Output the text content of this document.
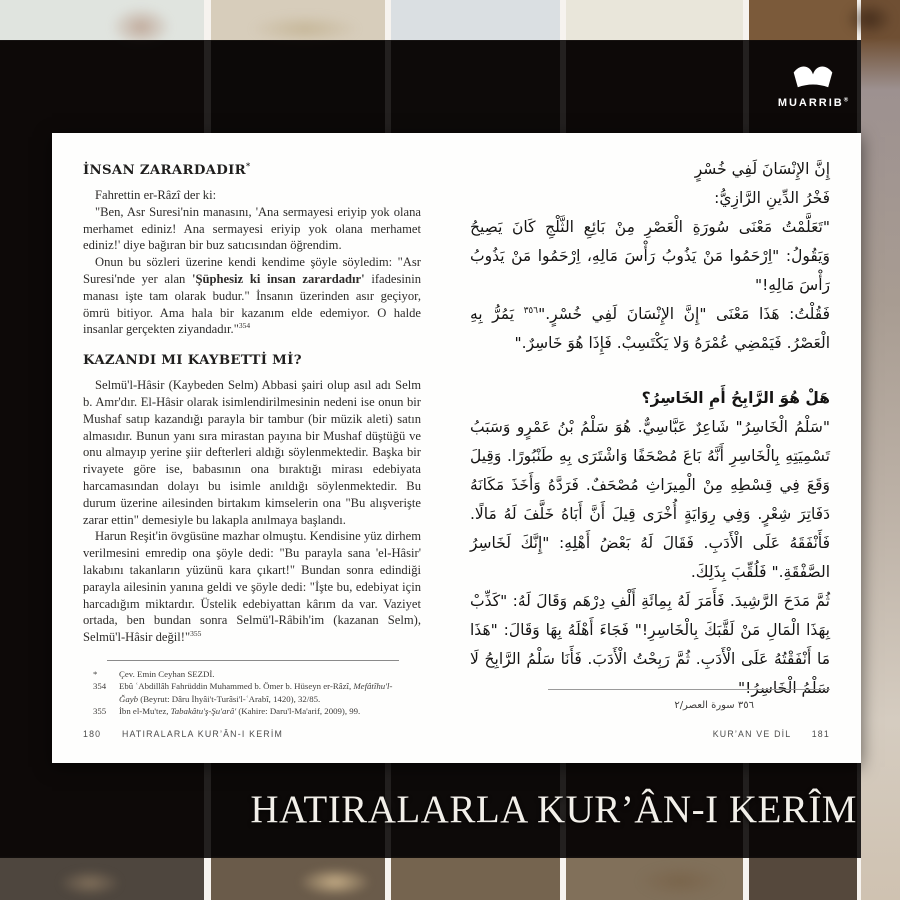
MUARRIB®
İNSAN ZARARDADIR*

Fahrettin er-Râzî der ki:

"Ben, Asr Suresi'nin manasını, 'Ana sermayesi eriyip yok olana merhamet ediniz! Ana sermayesi eriyip yok olana merhamet ediniz!' diye bağıran bir buz satıcısından öğrendim.

Onun bu sözleri üzerine kendi kendime şöyle söyledim: "Asr Suresi'nde yer alan 'Şüphesiz ki insan zarardadır' ifadesinin manası işte tam olarak budur." İnsanın üzerinden asır geçiyor, ömrü bitiyor. Ama hala bir kazanım elde edemiyor. O halde insanlar gerçekten ziyandadır."$^{354}$

KAZANDI MI KAYBETTİ Mİ?

Selmü'l-Hâsir (Kaybeden Selm) Abbasi şairi olup asıl adı Selm b. Amr'dır. El-Hâsir olarak isimlendirilmesinin nedeni ise onun bir Mushaf satıp kazandığı parayla bir tambur (bir müzik aleti) satın almasıdır. Bunun yanı sıra mirastan payına bir Mushaf düştüğü ve onu almayıp yerine şiir defterleri aldığı söylenmektedir. Başka bir rivayete göre ise, babasının ona bıraktığı mirası edebiyata harcamasından dolayı bu isimle anıldığı söylenmektedir. Bu durum üzerine ailesinden birtakım kimselerin ona "Bu alışverişte zarar ettin" demesiyle bu lakapla anılmaya başlandı.

Harun Reşit'in övgüsüne mazhar olmuştu. Kendisine yüz dirhem verilmesini emredip ona şöyle dedi: "Bu parayla sana 'el-Hâsir' lakabını takanların yüzünü kara çıkart!" Bundan sonra edindiği parayla ailesinin yanına geldi ve şöyle dedi: "İşte bu, edebiyat için harcadığım miktardır. Üstelik edebiyattan kârım da var. Vaziyet ortada, ben bundan sonra Selmü'l-Râbih'im (kazanan Selm), Selmü'l-Hâsir değil!"$^{355}$

*	Çev. Emin Ceyhan SEZDİ.
354	Ebû ʿAbdillâh Fahrüddin Muhammed b. Ömer b. Hüseyn er-Râzî, Mefâtîhu'l-Ğayb (Beyrut: Dâru İhyâi't-Turâsi'l-ʿArabî, 1420), 32/85.
355	İbn el-Mu'tez, Tabakâtu'ş-Şu'arâ' (Kahire: Daru'l-Ma'arif, 2009), 99.
180 HATIRALARLA KUR’ÂN-I KERİM
إِنَّ الإِنْسَانَ لَفِي خُسْرٍ
فَخْرُ الدِّينِ الرَّازِيُّ:

"تَعَلَّمْتُ مَعْنَى سُورَةِ الْعَصْرِ مِنْ بَائِعِ الثَّلْجِ كَانَ يَصِيحُ وَيَقُولُ: "اِرْحَمُوا مَنْ يَذُوبُ رَأْسَ مَالِهِ، اِرْحَمُوا مَنْ يَذُوبُ رَأْسَ مَالِهِ!"

فَقُلْتُ: هَذَا مَعْنَى "إِنَّ الإِنْسَانَ لَفِي خُسْرٍ."$^{٣٥٦}$ يَمُرُّ بِهِ الْعَصْرُ. فَيَمْضِي عُمْرَهُ وَلا يَكْتَسِبْ. فَإِذَا هُوَ خَاسِرٌ."

هَلْ هُوَ الرَّابِحُ أَمِ الخَاسِرُ؟

"سَلْمُ الْخَاسِرُ" شَاعِرٌ عَبَّاسِيٌّ. هُوَ سَلْمُ بْنُ عَمْرٍو وَسَبَبُ تَسْمِيَتِهِ بِالْخَاسِرِ أَنَّهُ بَاعَ مُصْحَفًا وَاشْتَرَى بِهِ طَنْبُورًا. وَقِيلَ وَقَعَ فِي قِسْطِهِ مِنْ الْمِيرَاثِ مُصْحَفٌ. فَرَدَّهُ وَأَخَذَ مَكَانَهُ دَفَاتِرَ شِعْرٍ. وَفِي رِوَايَةٍ أُخْرَى قِيلَ أَنَّ أَبَاهُ خَلَّفَ لَهُ مَالًا. فَأَنْفَقَهُ عَلَى الْأَدَبِ. فَقَالَ لَهُ بَعْضُ أَهْلِهِ: "إِنَّكَ لَخَاسِرُ الصَّفْقَةِ." فَلُقِّبَ بِذَلِكَ.

ثُمَّ مَدَحَ الرَّشِيدَ. فَأَمَرَ لَهُ بِمِائَةِ أَلْفِ دِرْهَم وَقَالَ لَهُ: "كَذِّبْ بِهَذَا الْمَالِ مَنْ لَقَّبَكَ بِالْخَاسِرِ!" فَجَاءَ أَهْلَهُ بِهَا وَقَالَ: "هَذَا مَا أَنْفَقْتُهُ عَلَى الْأَدَبِ. ثُمَّ رَبِحْتُ الْأَدَبَ. فَأَنَا سَلْمُ الرَّابِحُ لَا سَلْمُ الْخَاسِرُ!"

٣٥٦ سورة العصر/٢
KUR’AN VE DİL 181
HATIRALARLA KUR’ÂN-I KERÎM
